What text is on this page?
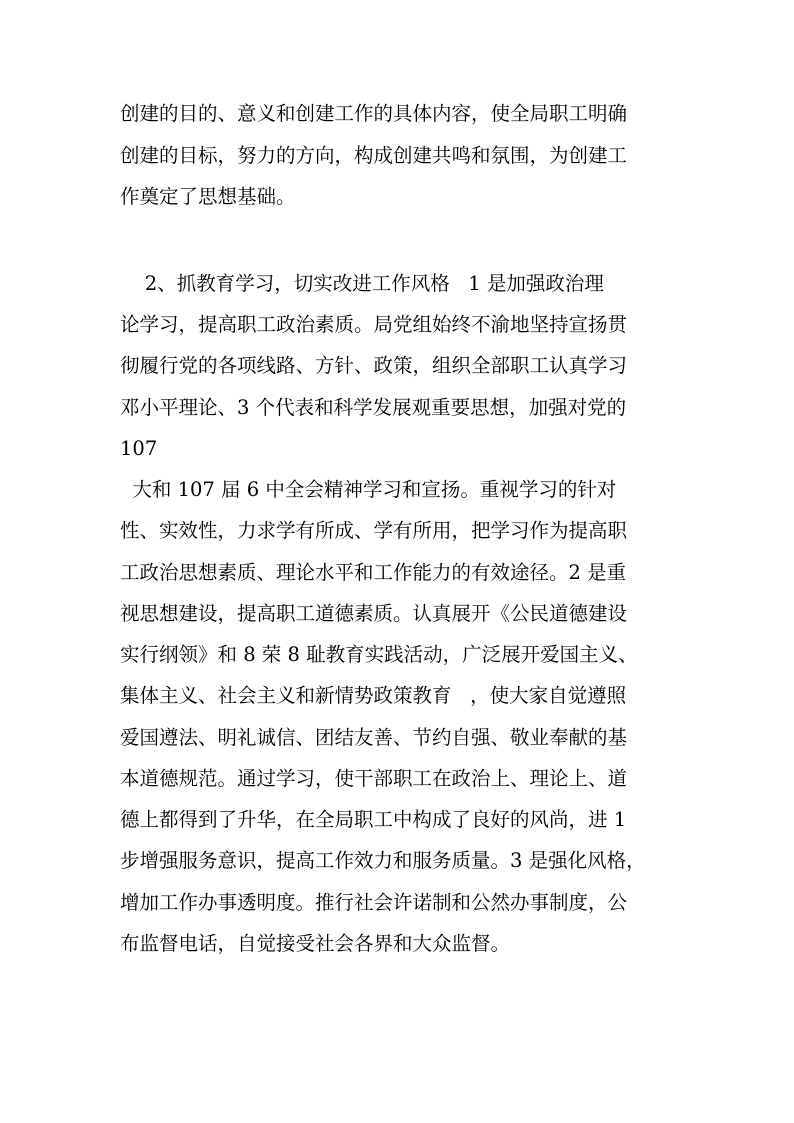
创建的目的、意义和创建工作的具体内容，使全局职工明确
创建的目标，努力的方向，构成创建共鸣和氛围，为创建工
作奠定了思想基础。
2、抓教育学习，切实改进工作风格   1 是加强政治理
论学习，提高职工政治素质。局党组始终不渝地坚持宣扬贯
彻履行党的各项线路、方针、政策，组织全部职工认真学习
邓小平理论、3 个代表和科学发展观重要思想，加强对党的
107
大和 107 届 6 中全会精神学习和宣扬。重视学习的针对
性、实效性，力求学有所成、学有所用，把学习作为提高职
工政治思想素质、理论水平和工作能力的有效途径。2 是重
视思想建设，提高职工道德素质。认真展开《公民道德建设
实行纲领》和 8 荣 8 耻教育实践活动，广泛展开爱国主义、
集体主义、社会主义和新情势政策教育   ，使大家自觉遵照
爱国遵法、明礼诚信、团结友善、节约自强、敬业奉献的基
本道德规范。通过学习，使干部职工在政治上、理论上、道
德上都得到了升华，在全局职工中构成了良好的风尚，进 1
步增强服务意识，提高工作效力和服务质量。3 是强化风格，
增加工作办事透明度。推行社会许诺制和公然办事制度，公
布监督电话，自觉接受社会各界和大众监督。
